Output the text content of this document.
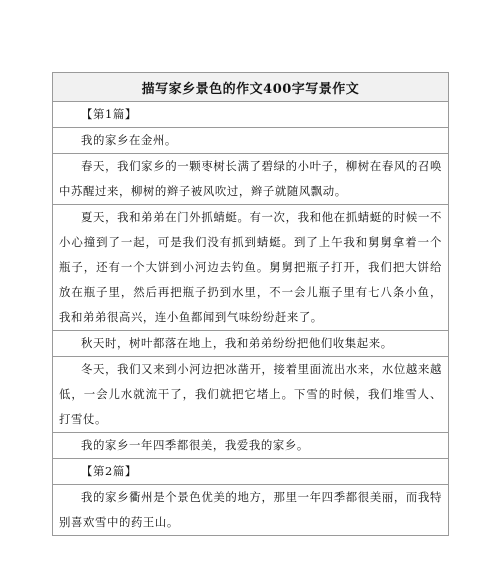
描写家乡景色的作文400字写景作文
【第1篇】
我的家乡在金州。
春天，我们家乡的一颗枣树长满了碧绿的小叶子，柳树在春风的召唤中苏醒过来，柳树的辫子被风吹过，辫子就随风飘动。
夏天，我和弟弟在门外抓蜻蜓。有一次，我和他在抓蜻蜓的时候一不小心撞到了一起，可是我们没有抓到蜻蜓。到了上午我和舅舅拿着一个瓶子，还有一个大饼到小河边去钓鱼。舅舅把瓶子打开，我们把大饼给放在瓶子里，然后再把瓶子扔到水里，不一会儿瓶子里有七八条小鱼，我和弟弟很高兴，连小鱼都闻到气味纷纷赶来了。
秋天时，树叶都落在地上，我和弟弟纷纷把他们收集起来。
冬天，我们又来到小河边把冰凿开，接着里面流出水来，水位越来越低，一会儿水就流干了，我们就把它堵上。下雪的时候，我们堆雪人、打雪仗。
我的家乡一年四季都很美，我爱我的家乡。
【第2篇】
我的家乡衢州是个景色优美的地方，那里一年四季都很美丽，而我特别喜欢雪中的药王山。
